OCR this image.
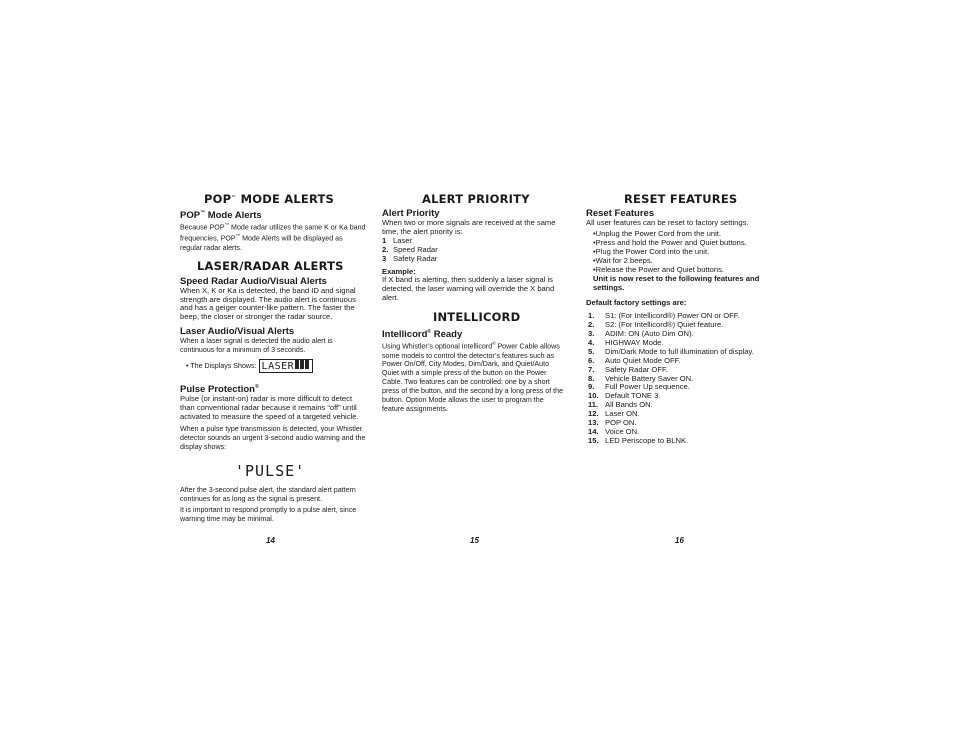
POP™ MODE ALERTS
POP™ Mode Alerts

Because POP™ Mode radar utilizes the same K or Ka band frequencies, POP™ Mode Alerts will be displayed as regular radar alerts.

LASER/RADAR ALERTS
Speed Radar Audio/Visual Alerts

When X, K or Ka is detected, the band ID and signal strength are displayed. The audio alert is continuous and has a geiger counter-like pattern. The faster the beep, the closer or stronger the radar source.

Laser Audio/Visual Alerts

When a laser signal is detected the audio alert is continuous for a minimum of 3 seconds.

• The Displays Shows: LASER

Pulse Protection®

Pulse (or instant-on) radar is more difficult to detect than conventional radar because it remains “off” until activated to measure the speed of a targeted vehicle.

When a pulse type transmission is detected, your Whistler detector sounds an urgent 3-second audio warning and the display shows:

'PULSE'

After the 3-second pulse alert, the standard alert pattern continues for as long as the signal is present.

It is important to respond promptly to a pulse alert, since warning time may be minimal.

ALERT PRIORITY
Alert Priority

When two or more signals are received at the same time, the alert priority is:

1 Laser
2. Speed Radar
3 Safety Radar

Example:

If X band is alerting, then suddenly a laser signal is detected, the laser warning will override the X band alert.

INTELLICORD
Intellicord® Ready

Using Whistler’s optional Intellicord® Power Cable allows some models to control the detector’s features such as Power On/Off, City Modes, Dim/Dark, and Quiet/Auto Quiet with a simple press of the button on the Power Cable. Two features can be controlled: one by a short press of the button, and the second by a long press of the button. Option Mode allows the user to program the feature assignments.

RESET FEATURES
Reset Features

All user features can be reset to factory settings.

•Unplug the Power Cord from the unit.

•Press and hold the Power and Quiet buttons.

•Plug the Power Cord into the unit.

•Wait for 2 beeps.

•Release the Power and Quiet buttons.

Unit is now reset to the following features and settings.

Default factory settings are:

1. S1: (For Intellicord®) Power ON or OFF.
2. S2: (For Intellicord®) Quiet feature.
3. ADIM: ON (Auto Dim ON).
4. HIGHWAY Mode.
5. Dim/Dark Mode to full illumination of display.
6. Auto Quiet Mode OFF.
7. Safety Radar OFF.
8. Vehicle Battery Saver ON.
9. Full Power Up sequence.
10. Default TONE 3.
11. All Bands ON.
12. Laser ON.
13. POP ON.
14. Voice ON.
15. LED Periscope to BLNK.
14	15	16
